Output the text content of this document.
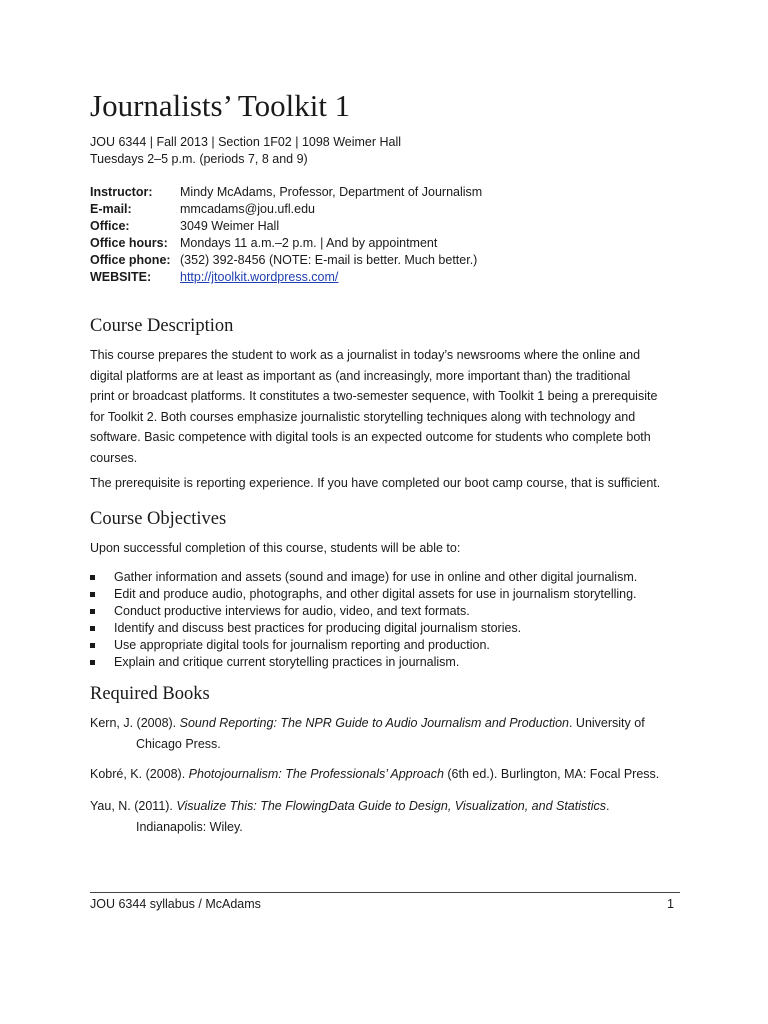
Journalists’ Toolkit 1
JOU 6344 | Fall 2013 | Section 1F02 | 1098 Weimer Hall
Tuesdays 2–5 p.m. (periods 7, 8 and 9)
Instructor:	Mindy McAdams, Professor, Department of Journalism
E-mail:	mmcadams@jou.ufl.edu
Office:	3049 Weimer Hall
Office hours: Mondays 11 a.m.–2 p.m. | And by appointment
Office phone: (352) 392-8456 (NOTE: E-mail is better. Much better.)
WEBSITE:	http://jtoolkit.wordpress.com/
Course Description
This course prepares the student to work as a journalist in today’s newsrooms where the online and
digital platforms are at least as important as (and increasingly, more important than) the traditional
print or broadcast platforms. It constitutes a two-semester sequence, with Toolkit 1 being a prerequisite
for Toolkit 2. Both courses emphasize journalistic storytelling techniques along with technology and
software. Basic competence with digital tools is an expected outcome for students who complete both
courses.
The prerequisite is reporting experience. If you have completed our boot camp course, that is sufficient.
Course Objectives
Upon successful completion of this course, students will be able to:
Gather information and assets (sound and image) for use in online and other digital journalism.
Edit and produce audio, photographs, and other digital assets for use in journalism storytelling.
Conduct productive interviews for audio, video, and text formats.
Identify and discuss best practices for producing digital journalism stories.
Use appropriate digital tools for journalism reporting and production.
Explain and critique current storytelling practices in journalism.
Required Books
Kern, J. (2008). Sound Reporting: The NPR Guide to Audio Journalism and Production. University of
Chicago Press.
Kobré, K. (2008). Photojournalism: The Professionals’ Approach (6th ed.). Burlington, MA: Focal Press.
Yau, N. (2011). Visualize This: The FlowingData Guide to Design, Visualization, and Statistics.
Indianapolis: Wiley.
JOU 6344 syllabus / McAdams	1
